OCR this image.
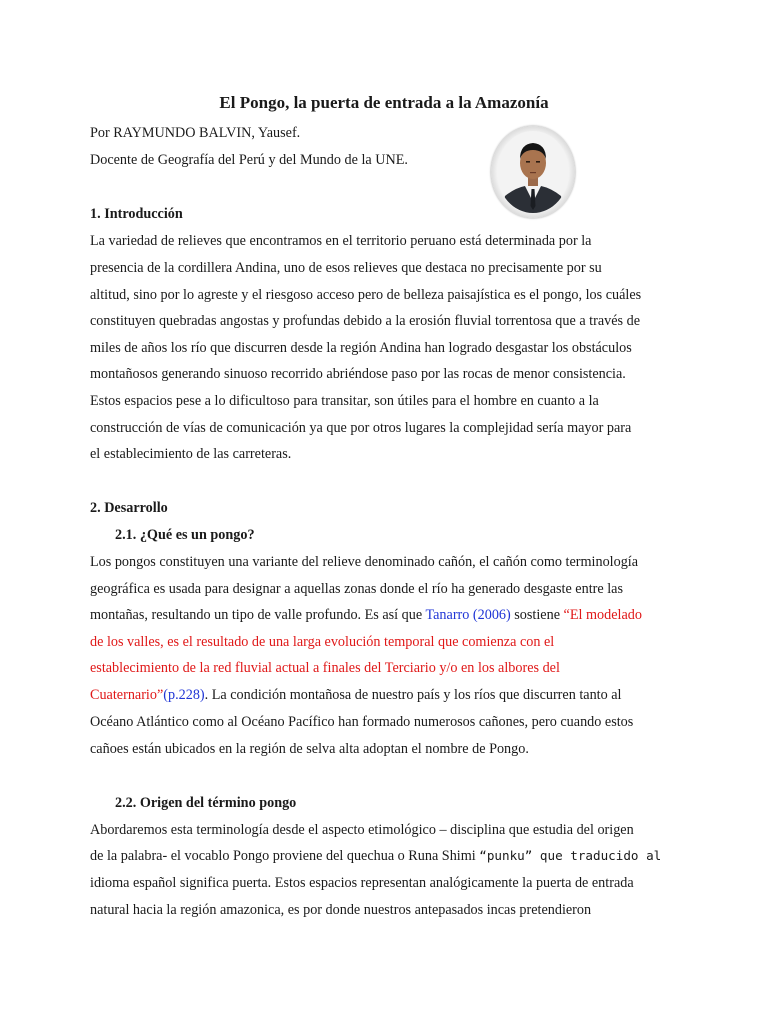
El Pongo, la puerta de entrada a la Amazonía
Por RAYMUNDO BALVIN, Yausef.
Docente de Geografía del Perú y del Mundo de la UNE.
1. Introducción
La variedad de relieves que encontramos en el territorio peruano está determinada por la
presencia de la cordillera Andina, uno de esos relieves que destaca no precisamente por su
altitud, sino por lo agreste y el riesgoso acceso pero de belleza paisajística es el pongo, los cuáles
constituyen quebradas angostas y profundas debido a la erosión fluvial torrentosa que a través de
miles de años los río que discurren desde la región Andina han logrado desgastar los obstáculos
montañosos generando sinuoso recorrido abriéndose paso por las rocas de menor consistencia.
Estos espacios pese a lo dificultoso para transitar, son útiles para el hombre en cuanto a la
construcción de vías de comunicación ya que por otros lugares la complejidad sería mayor para
el establecimiento de las carreteras.
2. Desarrollo
2.1. ¿Qué es un pongo?
Los pongos constituyen una variante del relieve denominado cañón, el cañón como terminología
geográfica es usada para designar a aquellas zonas donde el río ha generado desgaste entre las
montañas, resultando un tipo de valle profundo. Es así que Tanarro (2006) sostiene “El modelado
de los valles, es el resultado de una larga evolución temporal que comienza con el
establecimiento de la red fluvial actual a finales del Terciario y/o en los albores del
Cuaternario”(p.228). La condición montañosa de nuestro país y los ríos que discurren tanto al
Océano Atlántico como al Océano Pacífico han formado numerosos cañones, pero cuando estos
cañoes están ubicados en la región de selva alta adoptan el nombre de Pongo.
2.2. Origen del término pongo
Abordaremos esta terminología desde el aspecto etimológico – disciplina que estudia del origen
de la palabra- el vocablo Pongo proviene del quechua o Runa Shimi “punku” que traducido al
idioma español significa puerta. Estos espacios representan analógicamente la puerta de entrada
natural hacia la región amazonica, es por donde nuestros antepasados incas pretendieron
